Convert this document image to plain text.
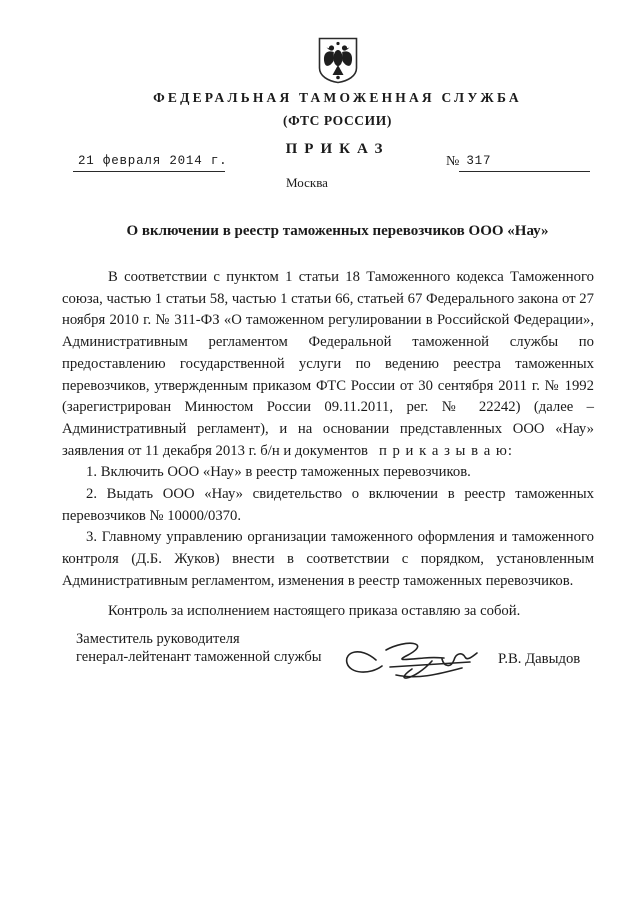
ФЕДЕРАЛЬНАЯ ТАМОЖЕННАЯ СЛУЖБА
(ФТС РОССИИ)
ПРИКАЗ
21 февраля 2014 г.	№ 317
Москва
О включении в реестр таможенных перевозчиков ООО «Нау»

В соответствии с пунктом 1 статьи 18 Таможенного кодекса Таможенного союза, частью 1 статьи 58, частью 1 статьи 66, статьей 67 Федерального закона от 27 ноября 2010 г. № 311-ФЗ «О таможенном регулировании в Российской Федерации», Административным регламентом Федеральной таможенной службы по предоставлению государственной услуги по ведению реестра таможенных перевозчиков, утвержденным приказом ФТС России от 30 сентября 2011 г. № 1992 (зарегистрирован Минюстом России 09.11.2011, рег. № 22242) (далее – Административный регламент), и на основании представленных ООО «Нау» заявления от 11 декабря 2013 г. б/н и документов п р и к а з ы в а ю:

1. Включить ООО «Нау» в реестр таможенных перевозчиков.

2. Выдать ООО «Нау» свидетельство о включении в реестр таможенных перевозчиков № 10000/0370.

3. Главному управлению организации таможенного оформления и таможенного контроля (Д.Б. Жуков) внести в соответствии с порядком, установленным Административным регламентом, изменения в реестр таможенных перевозчиков.

Контроль за исполнением настоящего приказа оставляю за собой.

Заместитель руководителя
генерал-лейтенант таможенной службы	Р.В. Давыдов
